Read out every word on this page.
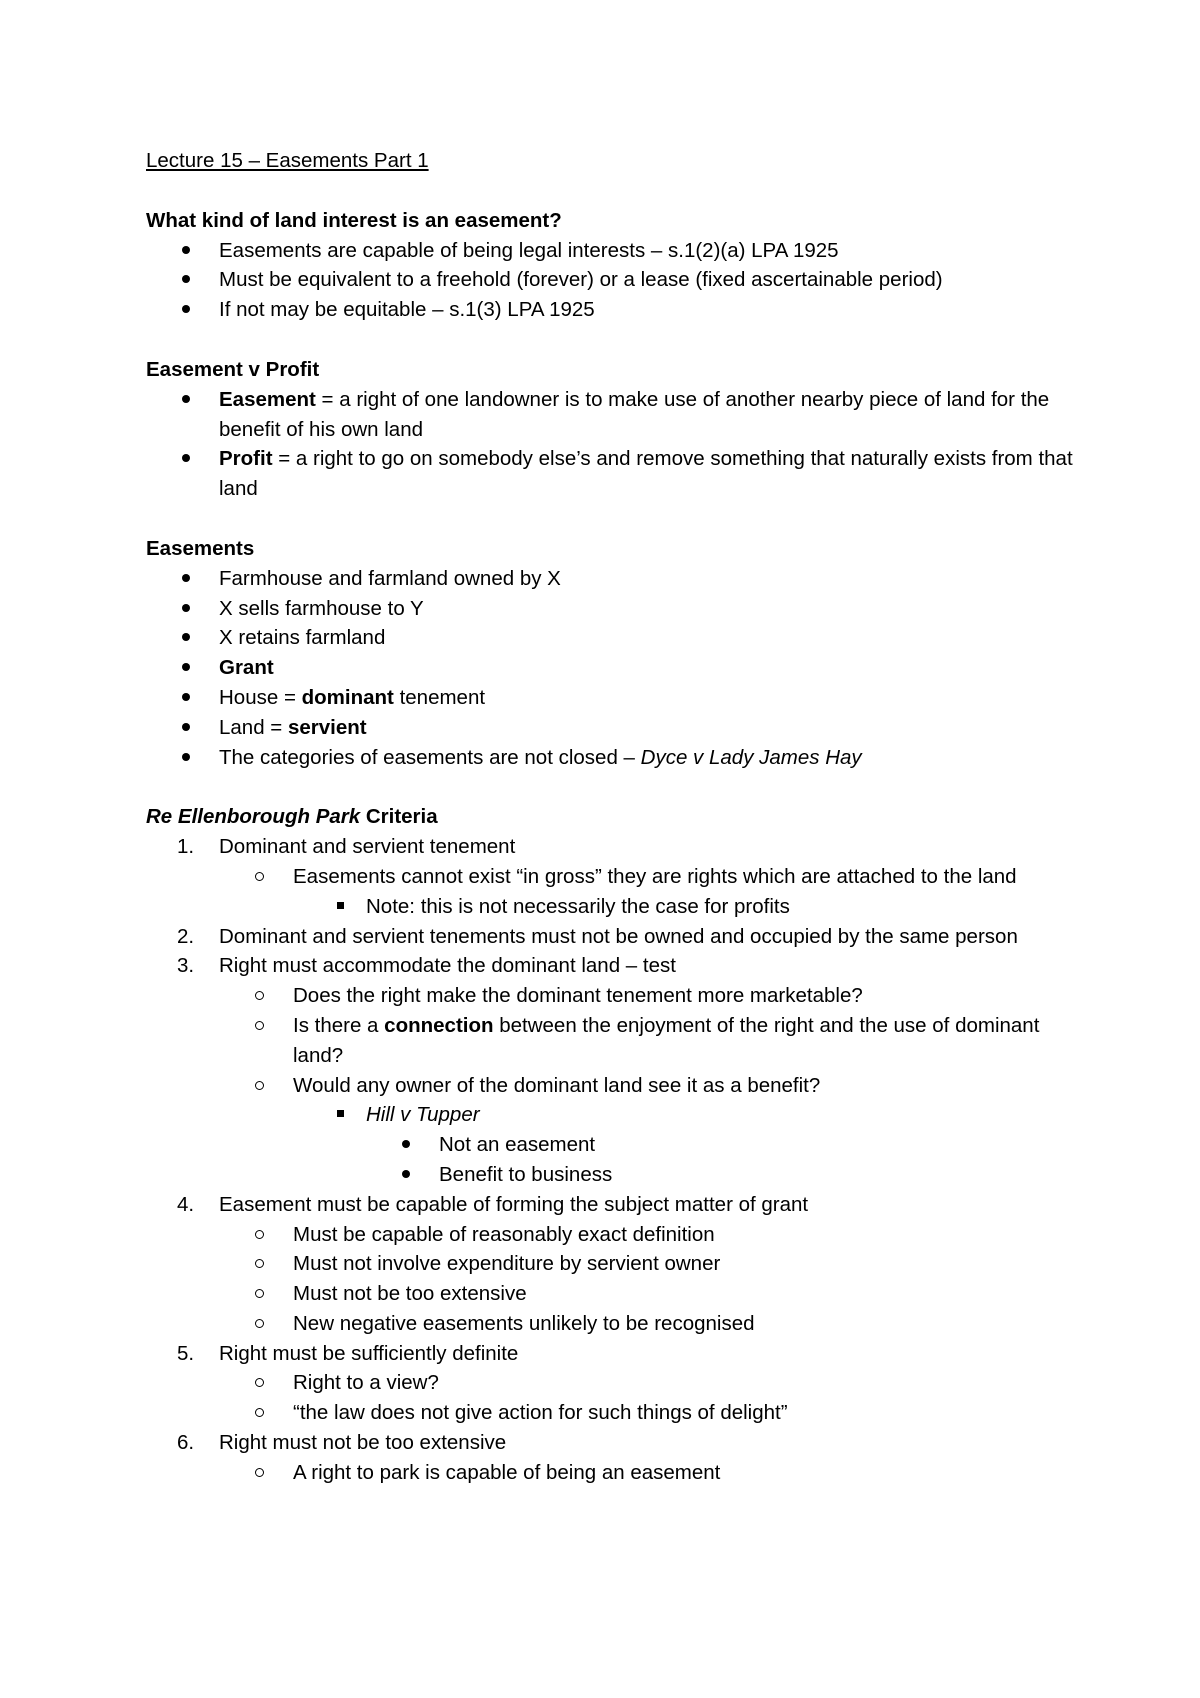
Lecture 15 – Easements Part 1
What kind of land interest is an easement?
Easements are capable of being legal interests – s.1(2)(a) LPA 1925
Must be equivalent to a freehold (forever) or a lease (fixed ascertainable period)
If not may be equitable – s.1(3) LPA 1925
Easement v Profit
Easement = a right of one landowner is to make use of another nearby piece of land for the benefit of his own land
Profit = a right to go on somebody else’s and remove something that naturally exists from that land
Easements
Farmhouse and farmland owned by X
X sells farmhouse to Y
X retains farmland
Grant
House = dominant tenement
Land = servient
The categories of easements are not closed – Dyce v Lady James Hay
Re Ellenborough Park Criteria
1. Dominant and servient tenement
Easements cannot exist “in gross” they are rights which are attached to the land
Note: this is not necessarily the case for profits
2. Dominant and servient tenements must not be owned and occupied by the same person
3. Right must accommodate the dominant land – test
Does the right make the dominant tenement more marketable?
Is there a connection between the enjoyment of the right and the use of dominant land?
Would any owner of the dominant land see it as a benefit?
Hill v Tupper
Not an easement
Benefit to business
4. Easement must be capable of forming the subject matter of grant
Must be capable of reasonably exact definition
Must not involve expenditure by servient owner
Must not be too extensive
New negative easements unlikely to be recognised
5. Right must be sufficiently definite
Right to a view?
“the law does not give action for such things of delight”
6. Right must not be too extensive
A right to park is capable of being an easement
